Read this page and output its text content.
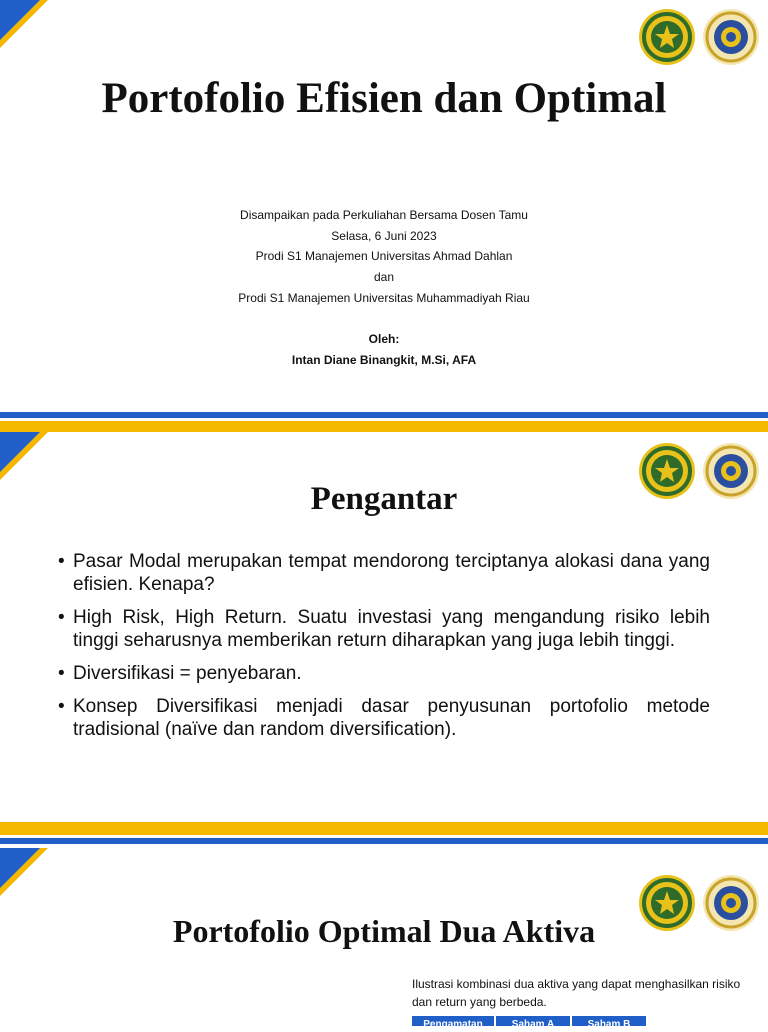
Portofolio Efisien dan Optimal
Disampaikan pada Perkuliahan Bersama Dosen Tamu
Selasa, 6 Juni 2023
Prodi S1 Manajemen Universitas Ahmad Dahlan
dan
Prodi S1 Manajemen Universitas Muhammadiyah Riau
Oleh:
Intan Diane Binangkit, M.Si, AFA
Pengantar
• Pasar Modal merupakan tempat mendorong terciptanya alokasi dana yang efisien. Kenapa?
• High Risk, High Return. Suatu investasi yang mengandung risiko lebih tinggi seharusnya memberikan return diharapkan yang juga lebih tinggi.
• Diversifikasi = penyebaran.
• Konsep Diversifikasi menjadi dasar penyusunan portofolio metode tradisional (naïve dan random diversification).
Portofolio Optimal Dua Aktiva
Ilustrasi kombinasi dua aktiva yang dapat menghasilkan risiko dan return yang berbeda.
Pengamatan	Saham A	Saham B
